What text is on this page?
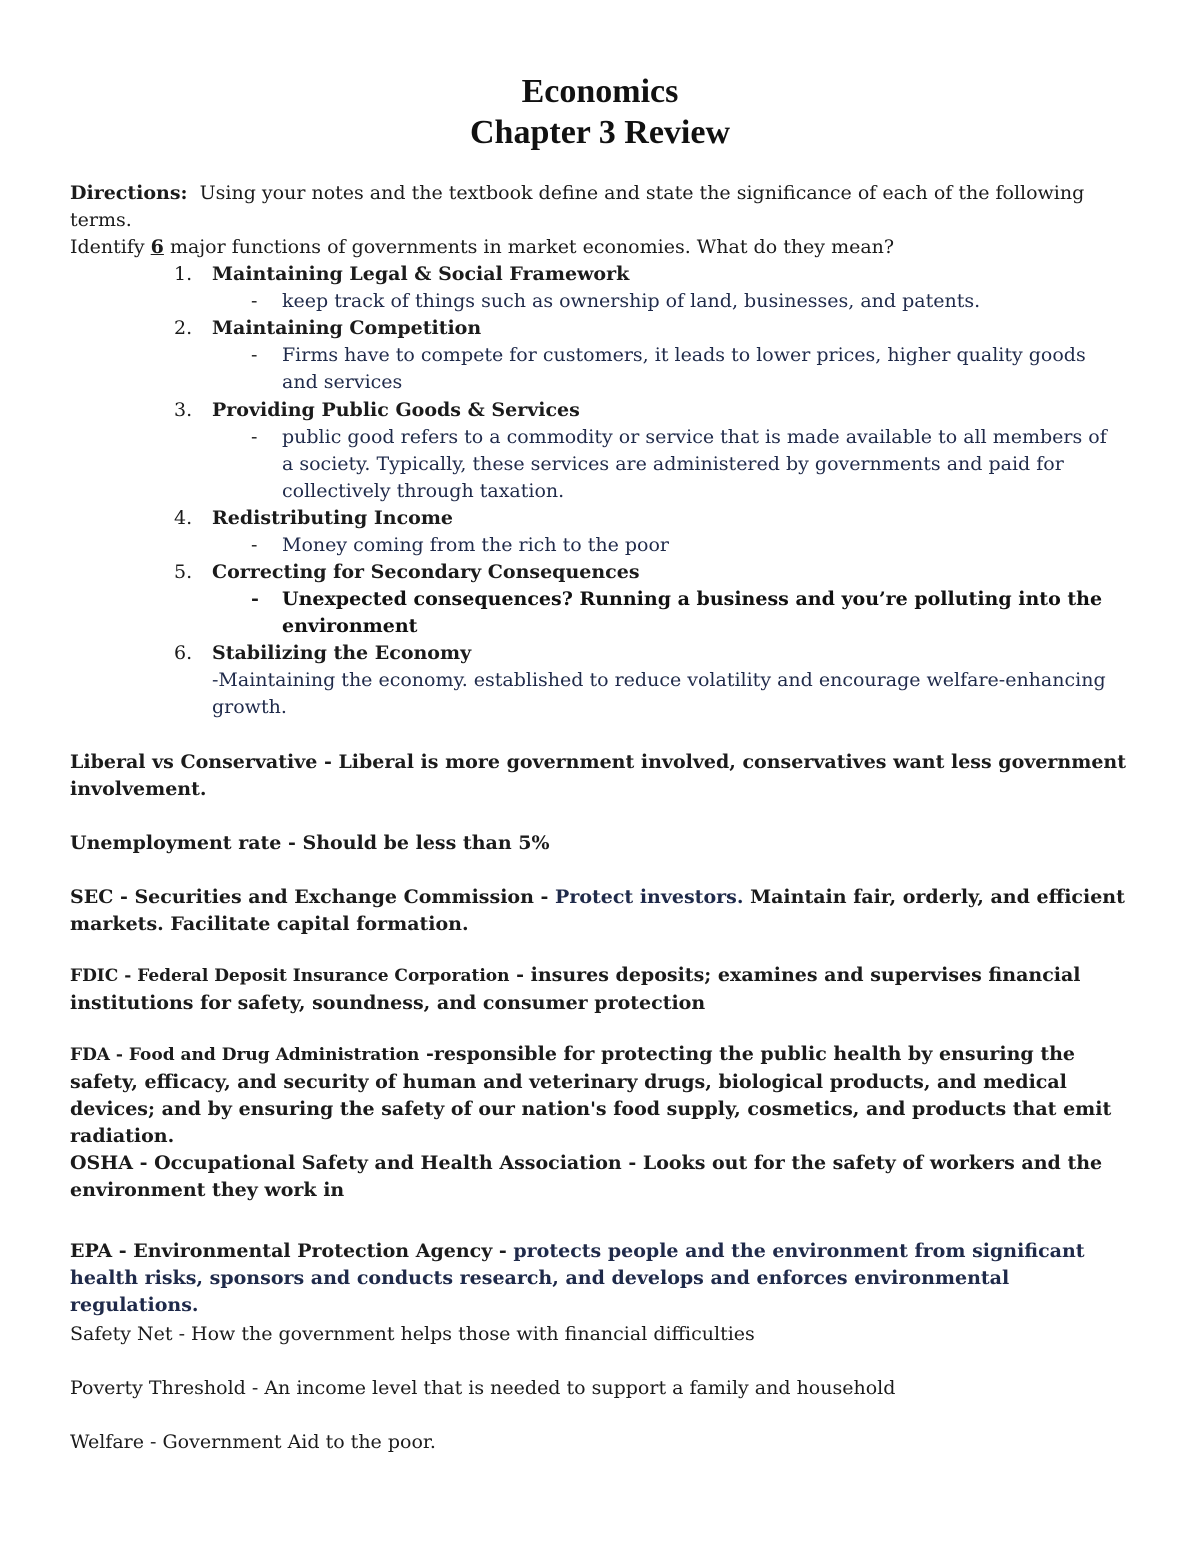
Economics
Chapter 3 Review

Directions: Using your notes and the textbook define and state the significance of each of the following terms.

Identify 6 major functions of governments in market economies. What do they mean?

1. Maintaining Legal & Social Framework

- keep track of things such as ownership of land, businesses, and patents.

2. Maintaining Competition

- Firms have to compete for customers, it leads to lower prices, higher quality goods and services

3. Providing Public Goods & Services

- public good refers to a commodity or service that is made available to all members of a society. Typically, these services are administered by governments and paid for collectively through taxation.

4. Redistributing Income

- Money coming from the rich to the poor

5. Correcting for Secondary Consequences

- Unexpected consequences? Running a business and you’re polluting into the environment

6. Stabilizing the Economy

-Maintaining the economy. established to reduce volatility and encourage welfare-enhancing growth.

Liberal vs Conservative - Liberal is more government involved, conservatives want less government involvement.

Unemployment rate - Should be less than 5%

SEC - Securities and Exchange Commission - Protect investors. Maintain fair, orderly, and efficient markets. Facilitate capital formation.

FDIC - Federal Deposit Insurance Corporation - insures deposits; examines and supervises financial institutions for safety, soundness, and consumer protection

FDA - Food and Drug Administration -responsible for protecting the public health by ensuring the safety, efficacy, and security of human and veterinary drugs, biological products, and medical devices; and by ensuring the safety of our nation's food supply, cosmetics, and products that emit radiation.

OSHA - Occupational Safety and Health Association - Looks out for the safety of workers and the environment they work in

EPA - Environmental Protection Agency - protects people and the environment from significant health risks, sponsors and conducts research, and develops and enforces environmental regulations.

Safety Net - How the government helps those with financial difficulties

Poverty Threshold - An income level that is needed to support a family and household

Welfare - Government Aid to the poor.
